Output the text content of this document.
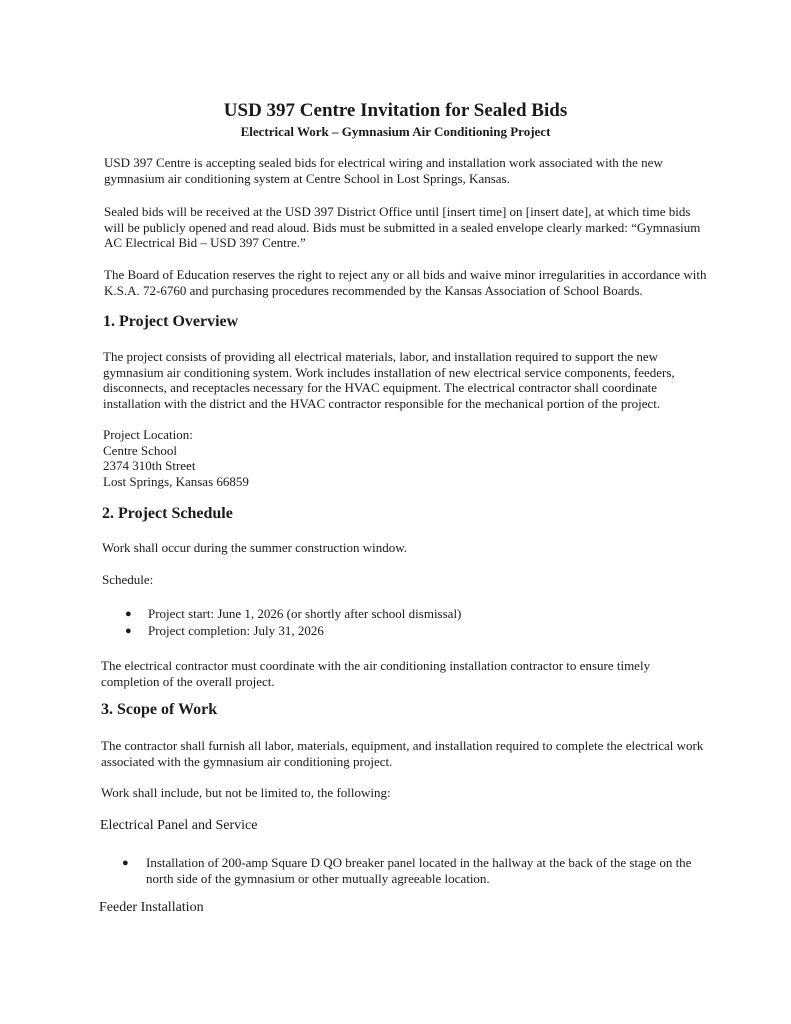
USD 397 Centre Invitation for Sealed Bids
Electrical Work – Gymnasium Air Conditioning Project
USD 397 Centre is accepting sealed bids for electrical wiring and installation work associated with the new
gymnasium air conditioning system at Centre School in Lost Springs, Kansas.
Sealed bids will be received at the USD 397 District Office until [insert time] on [insert date], at which time bids
will be publicly opened and read aloud. Bids must be submitted in a sealed envelope clearly marked: “Gymnasium
AC Electrical Bid – USD 397 Centre.”
The Board of Education reserves the right to reject any or all bids and waive minor irregularities in accordance with
K.S.A. 72-6760 and purchasing procedures recommended by the Kansas Association of School Boards.
1. Project Overview
The project consists of providing all electrical materials, labor, and installation required to support the new
gymnasium air conditioning system. Work includes installation of new electrical service components, feeders,
disconnects, and receptacles necessary for the HVAC equipment. The electrical contractor shall coordinate
installation with the district and the HVAC contractor responsible for the mechanical portion of the project.
Project Location:
Centre School
2374 310th Street
Lost Springs, Kansas 66859
2. Project Schedule
Work shall occur during the summer construction window.
Schedule:
● Project start: June 1, 2026 (or shortly after school dismissal)
● Project completion: July 31, 2026
The electrical contractor must coordinate with the air conditioning installation contractor to ensure timely
completion of the overall project.
3. Scope of Work
The contractor shall furnish all labor, materials, equipment, and installation required to complete the electrical work
associated with the gymnasium air conditioning project.
Work shall include, but not be limited to, the following:
Electrical Panel and Service
● Installation of 200-amp Square D QO breaker panel located in the hallway at the back of the stage on the
north side of the gymnasium or other mutually agreeable location.
Feeder Installation
